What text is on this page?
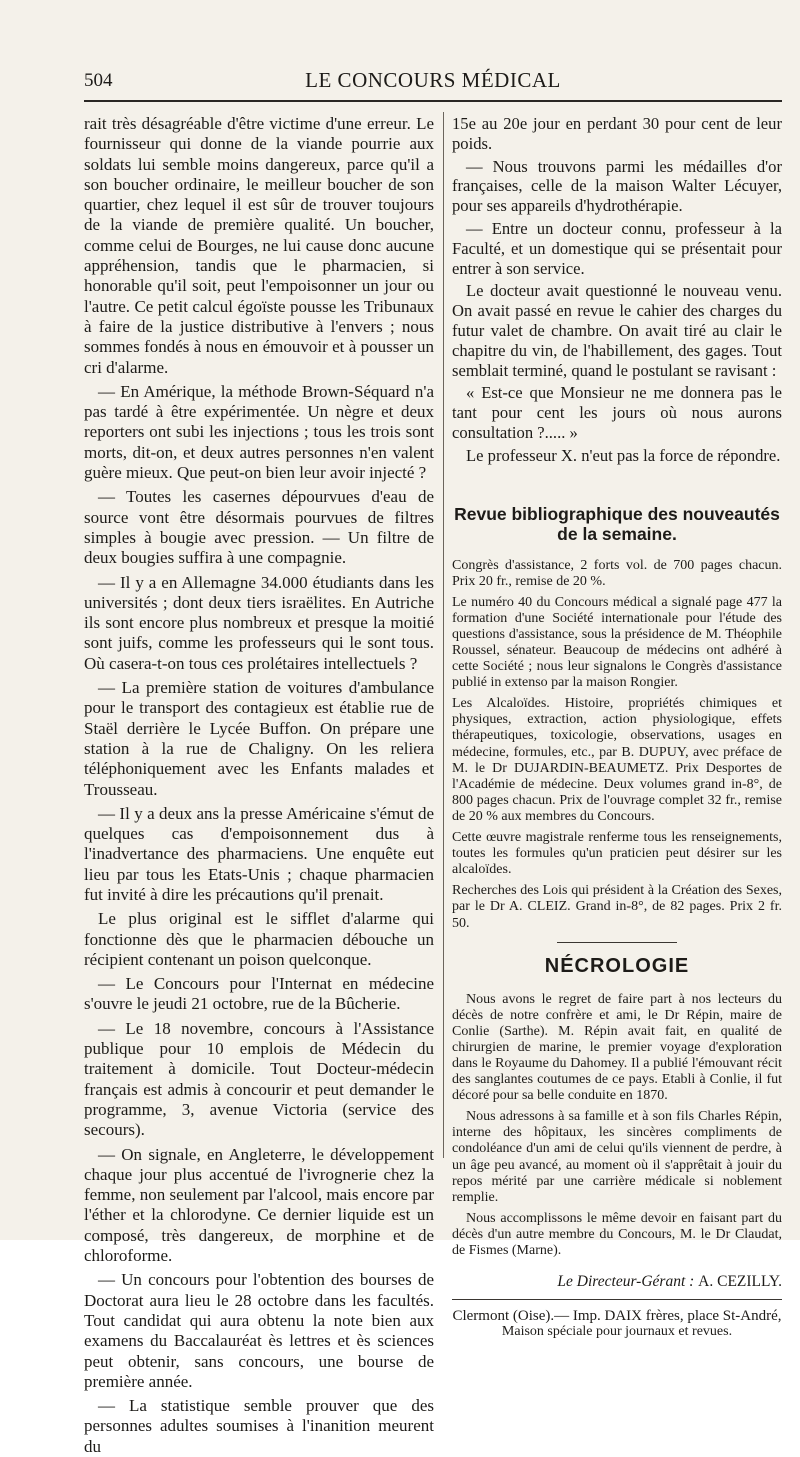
504	LE CONCOURS MÉDICAL

rait très désagréable d'être victime d'une erreur. Le fournisseur qui donne de la viande pourrie aux soldats lui semble moins dangereux, parce qu'il a son boucher ordinaire, le meilleur boucher de son quartier, chez lequel il est sûr de trouver toujours de la viande de première qualité. Un boucher, comme celui de Bourges, ne lui cause donc aucune appréhension, tandis que le pharmacien, si honorable qu'il soit, peut l'empoisonner un jour ou l'autre. Ce petit calcul égoïste pousse les Tribunaux à faire de la justice distributive à l'envers ; nous sommes fondés à nous en émouvoir et à pousser un cri d'alarme.

— En Amérique, la méthode Brown-Séquard n'a pas tardé à être expérimentée. Un nègre et deux reporters ont subi les injections ; tous les trois sont morts, dit-on, et deux autres personnes n'en valent guère mieux. Que peut-on bien leur avoir injecté ?

— Toutes les casernes dépourvues d'eau de source vont être désormais pourvues de filtres simples à bougie avec pression. — Un filtre de deux bougies suffira à une compagnie.

— Il y a en Allemagne 34.000 étudiants dans les universités ; dont deux tiers israëlites. En Autriche ils sont encore plus nombreux et presque la moitié sont juifs, comme les professeurs qui le sont tous. Où casera-t-on tous ces prolétaires intellectuels ?

— La première station de voitures d'ambulance pour le transport des contagieux est établie rue de Staël derrière le Lycée Buffon. On prépare une station à la rue de Chaligny. On les reliera téléphoniquement avec les Enfants malades et Trousseau.

— Il y a deux ans la presse Américaine s'émut de quelques cas d'empoisonnement dus à l'inadvertance des pharmaciens. Une enquête eut lieu par tous les Etats-Unis ; chaque pharmacien fut invité à dire les précautions qu'il prenait.

Le plus original est le sifflet d'alarme qui fonctionne dès que le pharmacien débouche un récipient contenant un poison quelconque.

— Le Concours pour l'Internat en médecine s'ouvre le jeudi 21 octobre, rue de la Bûcherie.

— Le 18 novembre, concours à l'Assistance publique pour 10 emplois de Médecin du traitement à domicile. Tout Docteur-médecin français est admis à concourir et peut demander le programme, 3, avenue Victoria (service des secours).

— On signale, en Angleterre, le développement chaque jour plus accentué de l'ivrognerie chez la femme, non seulement par l'alcool, mais encore par l'éther et la chlorodyne. Ce dernier liquide est un composé, très dangereux, de morphine et de chloroforme.

— Un concours pour l'obtention des bourses de Doctorat aura lieu le 28 octobre dans les facultés. Tout candidat qui aura obtenu la note bien aux examens du Baccalauréat ès lettres et ès sciences peut obtenir, sans concours, une bourse de première année.

— La statistique semble prouver que des personnes adultes soumises à l'inanition meurent du

15e au 20e jour en perdant 30 pour cent de leur poids.

— Nous trouvons parmi les médailles d'or françaises, celle de la maison Walter Lécuyer, pour ses appareils d'hydrothérapie.

— Entre un docteur connu, professeur à la Faculté, et un domestique qui se présentait pour entrer à son service.

Le docteur avait questionné le nouveau venu. On avait passé en revue le cahier des charges du futur valet de chambre. On avait tiré au clair le chapitre du vin, de l'habillement, des gages. Tout semblait terminé, quand le postulant se ravisant :

« Est-ce que Monsieur ne me donnera pas le tant pour cent les jours où nous aurons consultation ?..... »

Le professeur X. n'eut pas la force de répondre.

Revue bibliographique des nouveautés de la semaine.

Congrès d'assistance, 2 forts vol. de 700 pages chacun. Prix 20 fr., remise de 20 %.

Le numéro 40 du Concours médical a signalé page 477 la formation d'une Société internationale pour l'étude des questions d'assistance, sous la présidence de M. Théophile Roussel, sénateur. Beaucoup de médecins ont adhéré à cette Société ; nous leur signalons le Congrès d'assistance publié in extenso par la maison Rongier.

Les Alcaloïdes. Histoire, propriétés chimiques et physiques, extraction, action physiologique, effets thérapeutiques, toxicologie, observations, usages en médecine, formules, etc., par B. DUPUY, avec préface de M. le Dr DUJARDIN-BEAUMETZ. Prix Desportes de l'Académie de médecine. Deux volumes grand in-8°, de 800 pages chacun. Prix de l'ouvrage complet 32 fr., remise de 20 % aux membres du Concours.

Cette œuvre magistrale renferme tous les renseignements, toutes les formules qu'un praticien peut désirer sur les alcaloïdes.

Recherches des Lois qui président à la Création des Sexes, par le Dr A. CLEIZ. Grand in-8°, de 82 pages. Prix 2 fr. 50.

NÉCROLOGIE

Nous avons le regret de faire part à nos lecteurs du décès de notre confrère et ami, le Dr Répin, maire de Conlie (Sarthe). M. Répin avait fait, en qualité de chirurgien de marine, le premier voyage d'exploration dans le Royaume du Dahomey. Il a publié l'émouvant récit des sanglantes coutumes de ce pays. Etabli à Conlie, il fut décoré pour sa belle conduite en 1870.

Nous adressons à sa famille et à son fils Charles Répin, interne des hôpitaux, les sincères compliments de condoléance d'un ami de celui qu'ils viennent de perdre, à un âge peu avancé, au moment où il s'apprêtait à jouir du repos mérité par une carrière médicale si noblement remplie.

Nous accomplissons le même devoir en faisant part du décès d'un autre membre du Concours, M. le Dr Claudat, de Fismes (Marne).

Le Directeur-Gérant : A. CEZILLY.
Clermont (Oise).— Imp. DAIX frères, place St-André,
Maison spéciale pour journaux et revues.
